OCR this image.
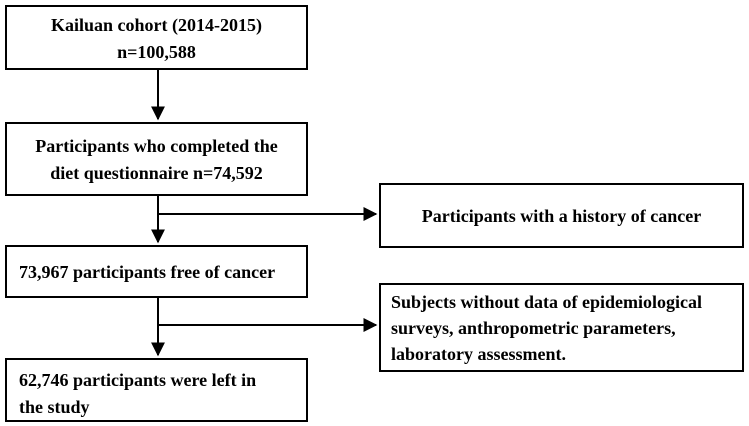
Kailuan cohort (2014-2015)
n=100,588
Participants who completed the
diet questionnaire n=74,592
Participants with a history of cancer
73,967 participants free of cancer
Subjects without data of epidemiological
surveys, anthropometric parameters,
laboratory assessment.
62,746 participants were left in
the study
